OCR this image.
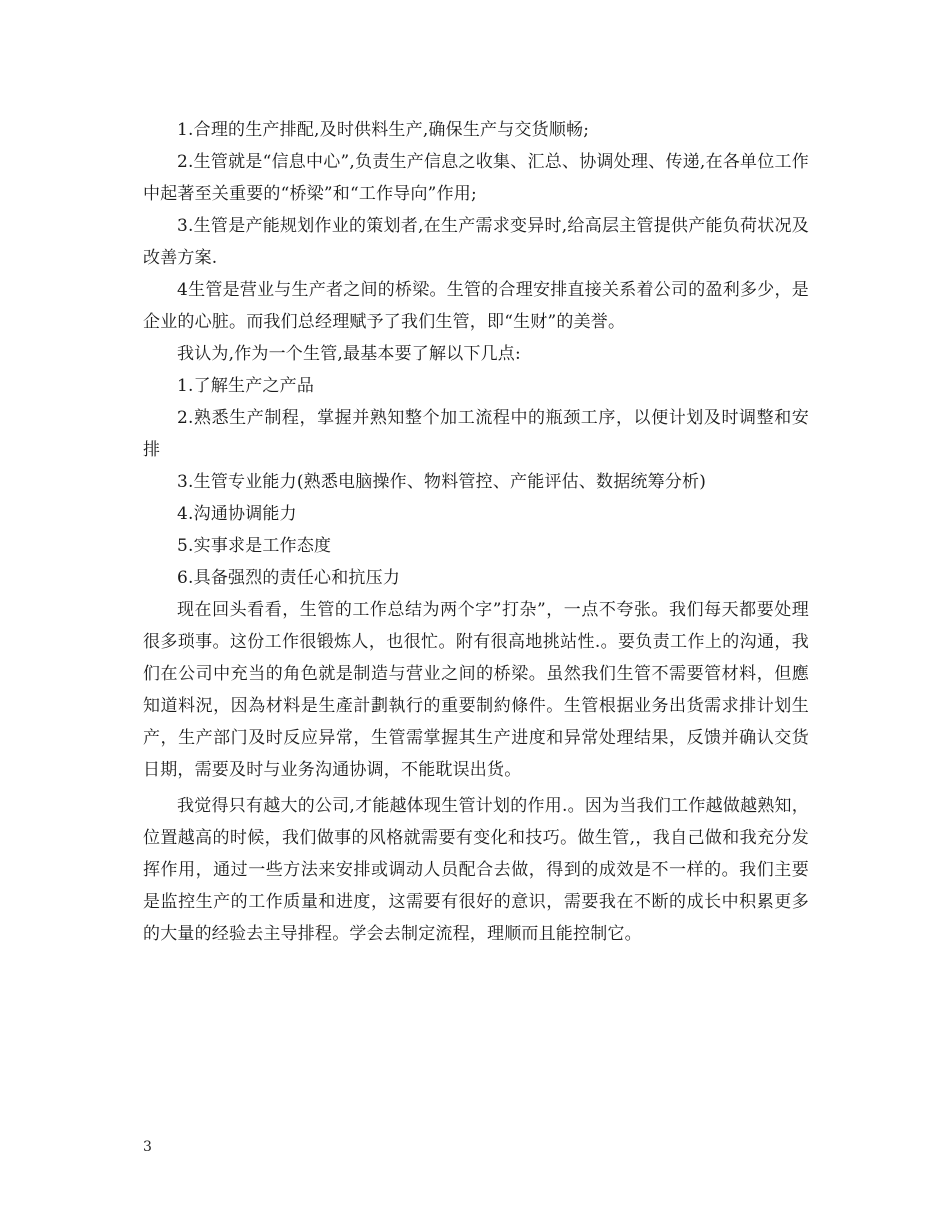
1.合理的生产排配,及时供料生产,确保生产与交货顺畅;

2.生管就是“信息中心”,负责生产信息之收集、汇总、协调处理、传递,在各单位工作中起著至关重要的“桥梁”和“工作导向”作用;

3.生管是产能规划作业的策划者,在生产需求变异时,给高层主管提供产能负荷状况及改善方案.

4生管是营业与生产者之间的桥梁。生管的合理安排直接关系着公司的盈利多少，是企业的心脏。而我们总经理赋予了我们生管，即“生财”的美誉。

我认为,作为一个生管,最基本要了解以下几点:

1.了解生产之产品

2.熟悉生产制程，掌握并熟知整个加工流程中的瓶颈工序，以便计划及时调整和安排

3.生管专业能力(熟悉电脑操作、物料管控、产能评估、数据统筹分析)

4.沟通协调能力

5.实事求是工作态度

6.具备强烈的责任心和抗压力

现在回头看看，生管的工作总结为两个字”打杂”，一点不夸张。我们每天都要处理很多琐事。这份工作很锻炼人，也很忙。附有很高地挑站性.。要负责工作上的沟通，我们在公司中充当的角色就是制造与营业之间的桥梁。虽然我们生管不需要管材料，但應知道料況，因為材料是生產計劃執行的重要制約條件。生管根据业务出货需求排计划生产，生产部门及时反应异常，生管需掌握其生产进度和异常处理结果，反馈并确认交货日期，需要及时与业务沟通协调，不能耽误出货。

我觉得只有越大的公司,才能越体现生管计划的作用.。因为当我们工作越做越熟知，位置越高的时候，我们做事的风格就需要有变化和技巧。做生管,，我自己做和我充分发挥作用，通过一些方法来安排或调动人员配合去做，得到的成效是不一样的。我们主要是监控生产的工作质量和进度，这需要有很好的意识，需要我在不断的成长中积累更多的大量的经验去主导排程。学会去制定流程，理顺而且能控制它。

3
